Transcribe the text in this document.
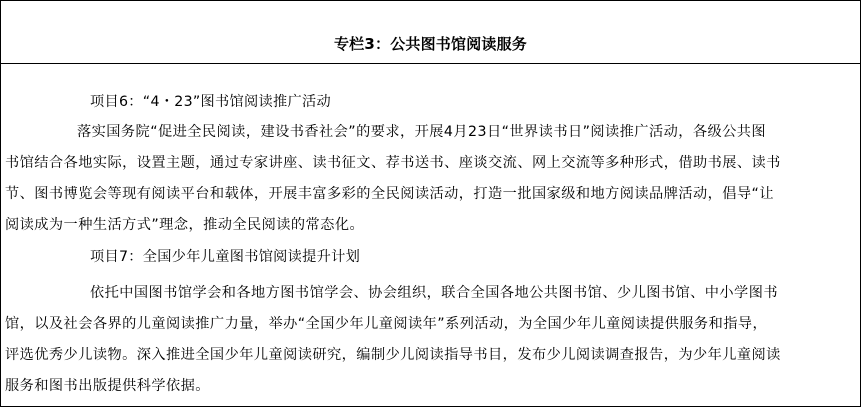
专栏3：公共图书馆阅读服务
项目6：“4・23”图书馆阅读推广活动
落实国务院“促进全民阅读，建设书香社会”的要求，开展4月23日“世界读书日”阅读推广活动，各级公共图
书馆结合各地实际，设置主题，通过专家讲座、读书征文、荐书送书、座谈交流、网上交流等多种形式，借助书展、读书
节、图书博览会等现有阅读平台和载体，开展丰富多彩的全民阅读活动，打造一批国家级和地方阅读品牌活动，倡导“让
阅读成为一种生活方式”理念，推动全民阅读的常态化。
项目7：全国少年儿童图书馆阅读提升计划
依托中国图书馆学会和各地方图书馆学会、协会组织，联合全国各地公共图书馆、少儿图书馆、中小学图书
馆，以及社会各界的儿童阅读推广力量，举办“全国少年儿童阅读年”系列活动，为全国少年儿童阅读提供服务和指导，
评选优秀少儿读物。深入推进全国少年儿童阅读研究，编制少儿阅读指导书目，发布少儿阅读调查报告，为少年儿童阅读
服务和图书出版提供科学依据。
